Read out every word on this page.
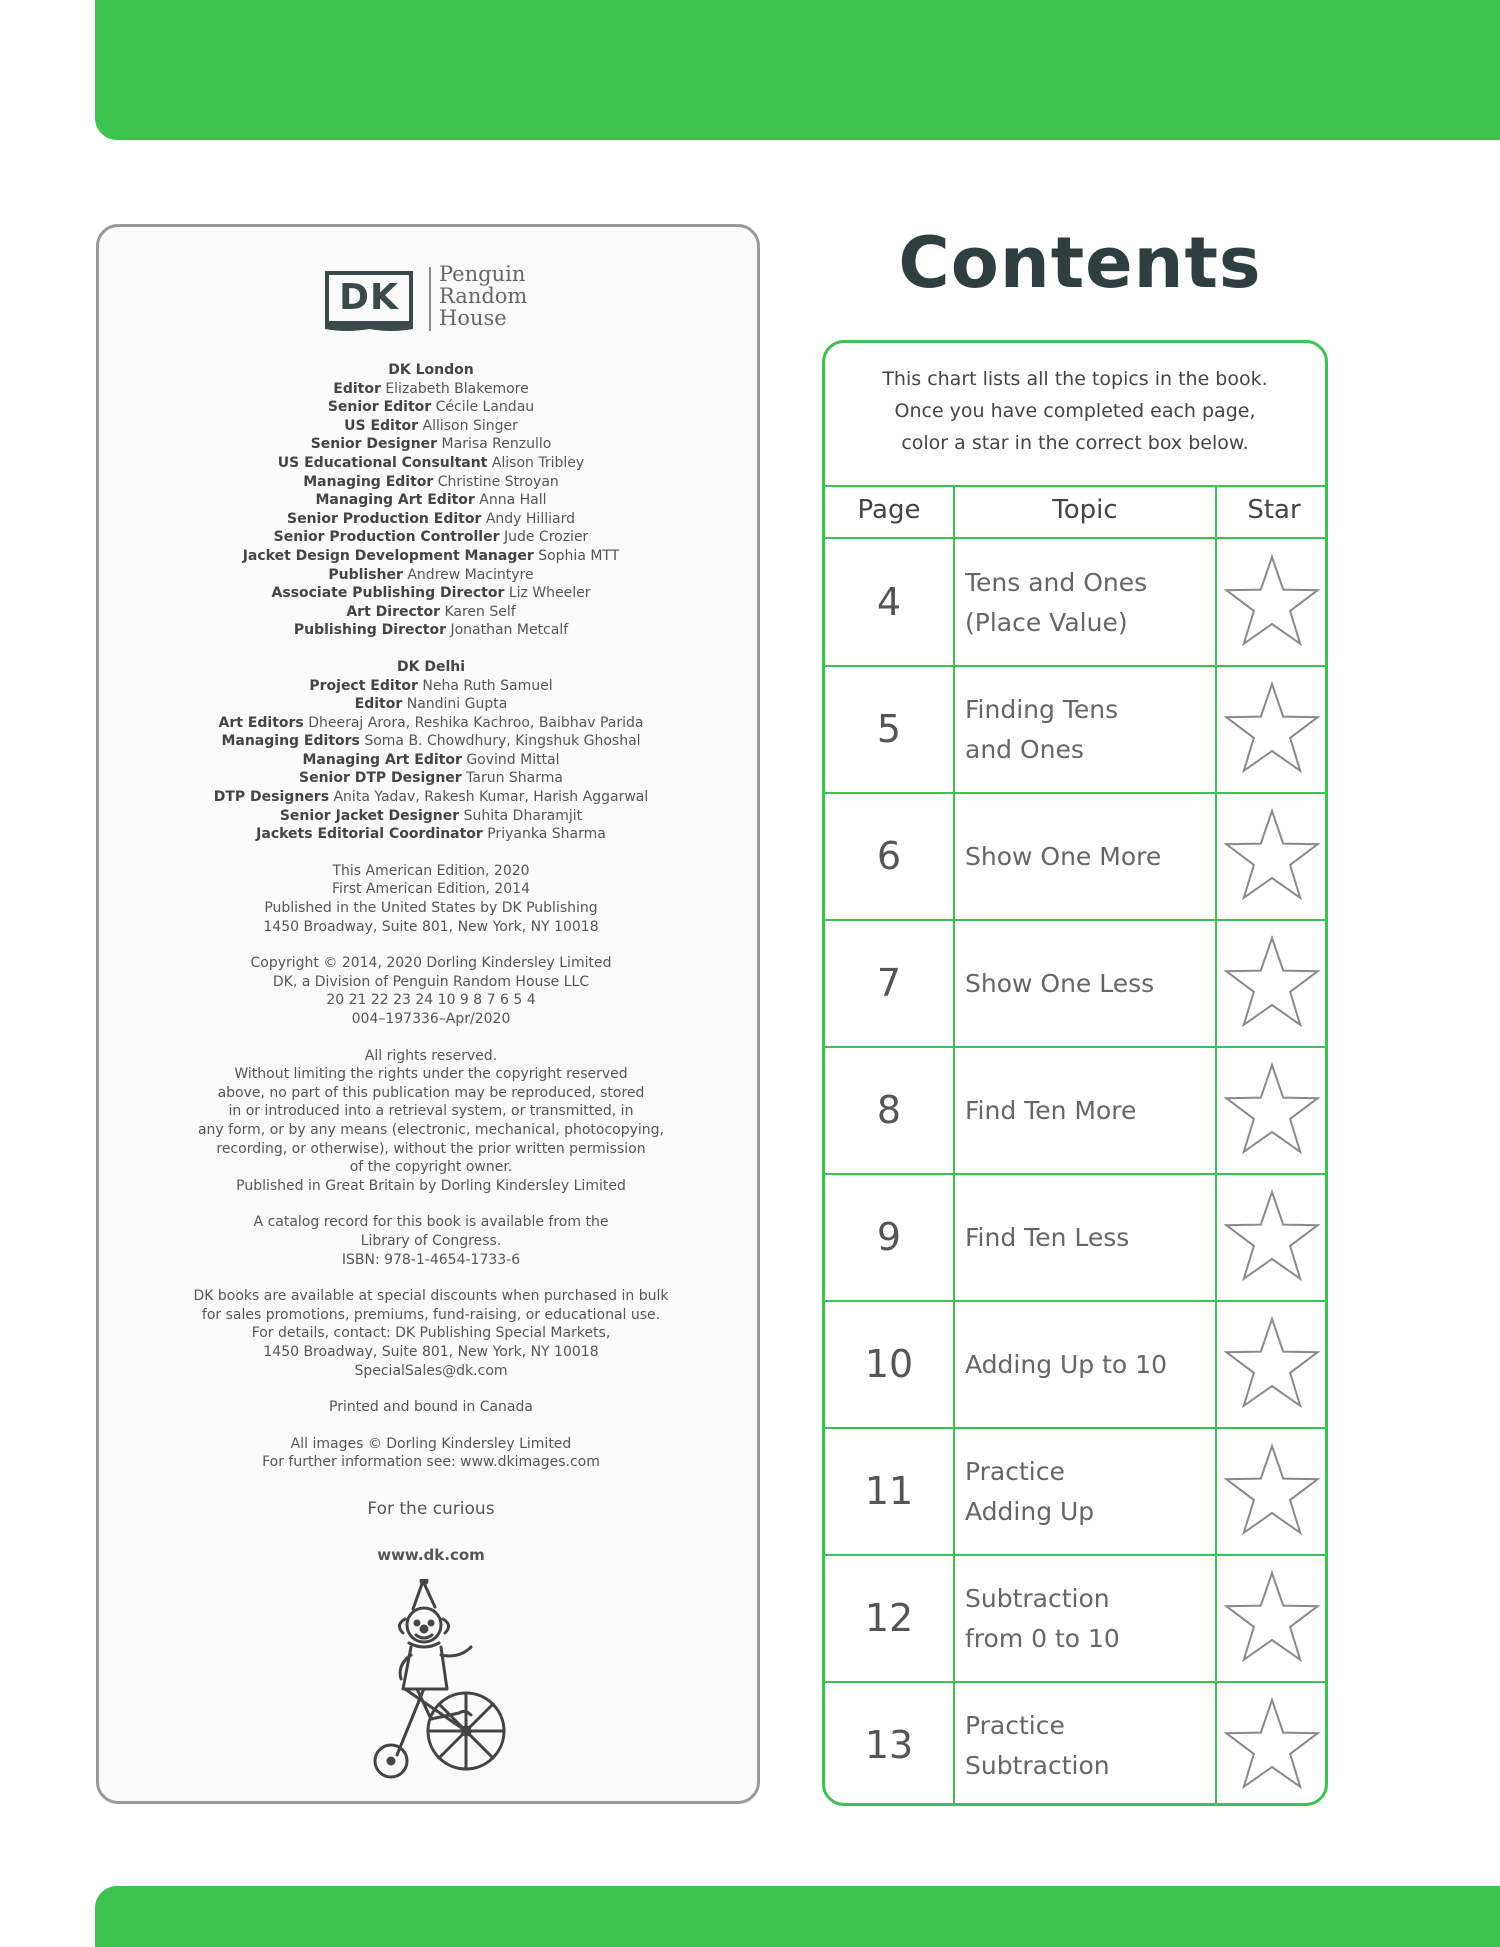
DK
Penguin
Random
House
DK London
Editor Elizabeth Blakemore
Senior Editor Cécile Landau
US Editor Allison Singer
Senior Designer Marisa Renzullo
US Educational Consultant Alison Tribley
Managing Editor Christine Stroyan
Managing Art Editor Anna Hall
Senior Production Editor Andy Hilliard
Senior Production Controller Jude Crozier
Jacket Design Development Manager Sophia MTT
Publisher Andrew Macintyre
Associate Publishing Director Liz Wheeler
Art Director Karen Self
Publishing Director Jonathan Metcalf
DK Delhi
Project Editor Neha Ruth Samuel
Editor Nandini Gupta
Art Editors Dheeraj Arora, Reshika Kachroo, Baibhav Parida
Managing Editors Soma B. Chowdhury, Kingshuk Ghoshal
Managing Art Editor Govind Mittal
Senior DTP Designer Tarun Sharma
DTP Designers Anita Yadav, Rakesh Kumar, Harish Aggarwal
Senior Jacket Designer Suhita Dharamjit
Jackets Editorial Coordinator Priyanka Sharma
This American Edition, 2020
First American Edition, 2014
Published in the United States by DK Publishing
1450 Broadway, Suite 801, New York, NY 10018
Copyright © 2014, 2020 Dorling Kindersley Limited
DK, a Division of Penguin Random House LLC
20 21 22 23 24 10 9 8 7 6 5 4
004–197336–Apr/2020
All rights reserved.
Without limiting the rights under the copyright reserved
above, no part of this publication may be reproduced, stored
in or introduced into a retrieval system, or transmitted, in
any form, or by any means (electronic, mechanical, photocopying,
recording, or otherwise), without the prior written permission
of the copyright owner.
Published in Great Britain by Dorling Kindersley Limited
A catalog record for this book is available from the
Library of Congress.
ISBN: 978-1-4654-1733-6
DK books are available at special discounts when purchased in bulk
for sales promotions, premiums, fund-raising, or educational use.
For details, contact: DK Publishing Special Markets,
1450 Broadway, Suite 801, New York, NY 10018
SpecialSales@dk.com
Printed and bound in Canada
All images © Dorling Kindersley Limited
For further information see: www.dkimages.com
For the curious
www.dk.com
Contents
This chart lists all the topics in the book.
Once you have completed each page,
color a star in the correct box below.
Page	Topic	Star
4	Tens and Ones
(Place Value)
5	Finding Tens
and Ones
6	Show One More
7	Show One Less
8	Find Ten More
9	Find Ten Less
10	Adding Up to 10
11	Practice
Adding Up
12	Subtraction
from 0 to 10
13	Practice
Subtraction
